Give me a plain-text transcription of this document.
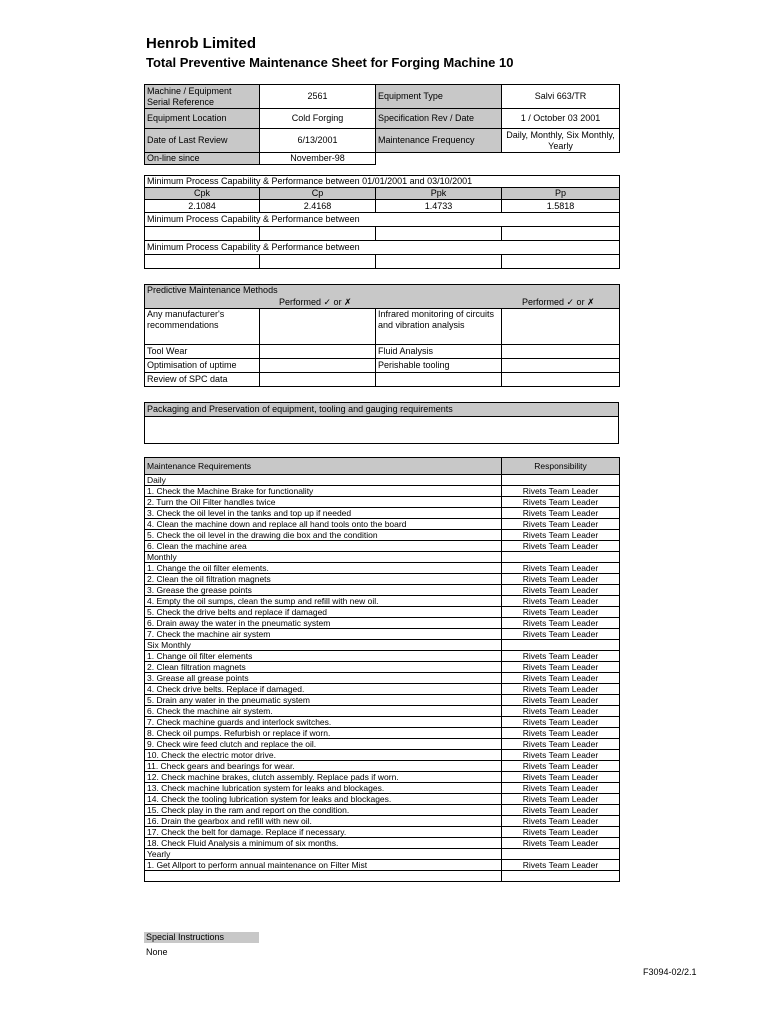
Henrob Limited
Total Preventive Maintenance Sheet for Forging Machine 10
Machine / Equipment Serial Reference	2561	Equipment Type	Salvi 663/TR
Equipment Location	Cold Forging	Specification Rev / Date	1 / October 03 2001
Date of Last Review	6/13/2001	Maintenance Frequency	Daily, Monthly, Six Monthly, Yearly
On-line since	November-98		
Minimum Process Capability & Performance between 01/01/2001 and 03/10/2001			
Cpk	Cp	Ppk	Pp
2.1084	2.4168	1.4733	1.5818
Minimum Process Capability & Performance between			

Minimum Process Capability & Performance between			

Predictive Maintenance Methods
Performed ✓ or ✗ Performed ✓ or ✗			

Any manufacturer's recommendations		Infrared monitoring of circuits and vibration analysis	
Tool Wear		Fluid Analysis	
Optimisation of uptime		Perishable tooling	
Review of SPC data			
Packaging and Preservation of equipment, tooling and gauging requirements

Maintenance Requirements	Responsibility
Daily	
1. Check the Machine Brake for functionality	Rivets Team Leader
2. Turn the Oil Filter handles twice	Rivets Team Leader
3. Check the oil level in the tanks and top up if needed	Rivets Team Leader
4. Clean the machine down and replace all hand tools onto the board	Rivets Team Leader
5. Check the oil level in the drawing die box and the condition	Rivets Team Leader
6. Clean the machine area	Rivets Team Leader
Monthly	
1. Change the oil filter elements.	Rivets Team Leader
2. Clean the oil filtration magnets	Rivets Team Leader
3. Grease the grease points	Rivets Team Leader
4. Empty the oil sumps, clean the sump and refill with new oil.	Rivets Team Leader
5. Check the drive belts and replace if damaged	Rivets Team Leader
6. Drain away the water in the pneumatic system	Rivets Team Leader
7. Check the machine air system	Rivets Team Leader
Six Monthly	
1. Change oil filter elements	Rivets Team Leader
2. Clean filtration magnets	Rivets Team Leader
3. Grease all grease points	Rivets Team Leader
4. Check drive belts. Replace if damaged.	Rivets Team Leader
5. Drain any water in the pneumatic system	Rivets Team Leader
6. Check the machine air system.	Rivets Team Leader
7. Check machine guards and interlock switches.	Rivets Team Leader
8. Check oil pumps. Refurbish or replace if worn.	Rivets Team Leader
9. Check wire feed clutch and replace the oil.	Rivets Team Leader
10. Check the electric motor drive.	Rivets Team Leader
11. Check gears and bearings for wear.	Rivets Team Leader
12. Check machine brakes, clutch assembly. Replace pads if worn.	Rivets Team Leader
13. Check machine lubrication system for leaks and blockages.	Rivets Team Leader
14. Check the tooling lubrication system for leaks and blockages.	Rivets Team Leader
15. Check play in the ram and report on the condition.	Rivets Team Leader
16. Drain the gearbox and refill with new oil.	Rivets Team Leader
17. Check the belt for damage. Replace if necessary.	Rivets Team Leader
18. Check Fluid Analysis a minimum of six months.	Rivets Team Leader
Yearly	
1. Get Allport to perform annual maintenance on Filter Mist	Rivets Team Leader

Special Instructions
None
F3094-02/2.1
